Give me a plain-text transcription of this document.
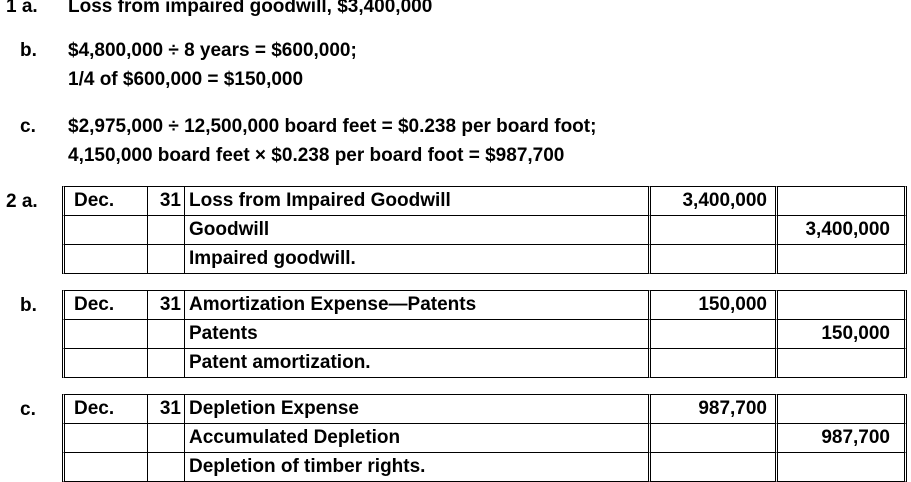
1 a. Loss from impaired goodwill, $3,400,000
b. $4,800,000 ÷ 8 years = $600,000;
1/4 of $600,000 = $150,000
c. $2,975,000 ÷ 12,500,000 board feet = $0.238 per board foot;
4,150,000 board feet × $0.238 per board foot = $987,700
2 a. Dec.	31	Loss from Impaired Goodwill	3,400,000	
		Goodwill		3,400,000
		Impaired goodwill.		
b. Dec.	31	Amortization Expense—Patents	150,000	
		Patents		150,000
		Patent amortization.		
c. Dec.	31	Depletion Expense	987,700	
		Accumulated Depletion		987,700
		Depletion of timber rights.		
